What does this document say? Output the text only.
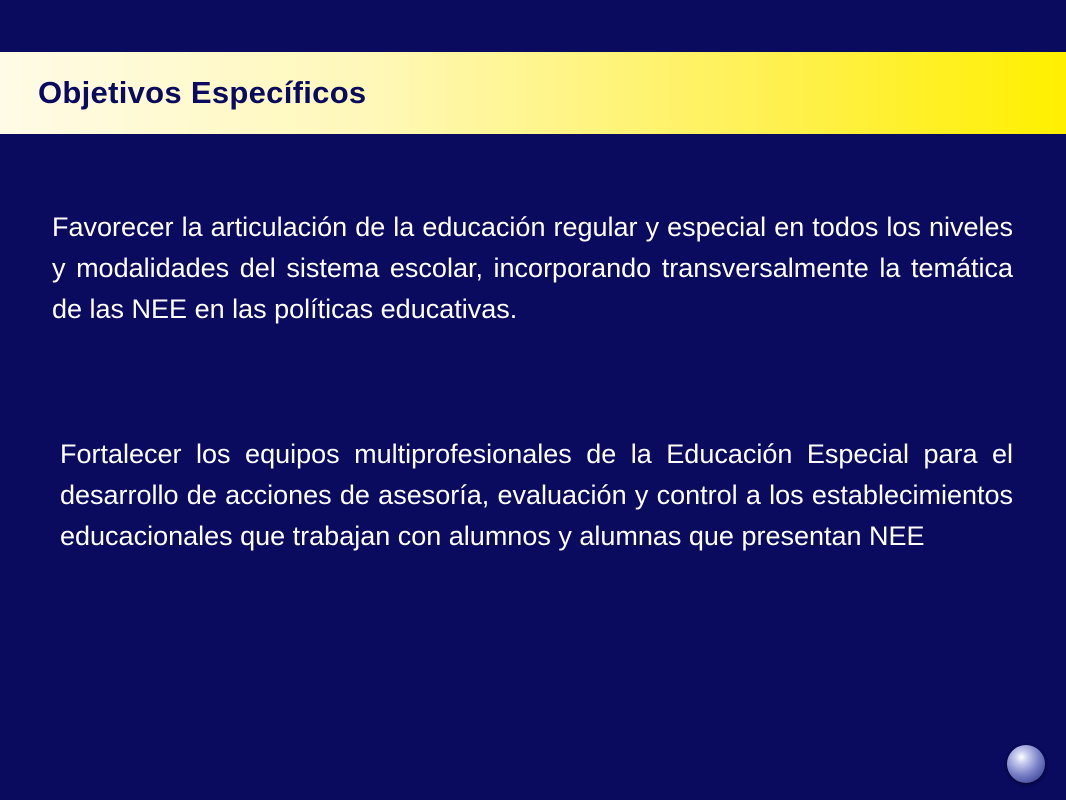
Objetivos Específicos

Favorecer la articulación de la educación regular y especial en todos los niveles y modalidades del sistema escolar, incorporando transversalmente la temática de las NEE en las políticas educativas.

Fortalecer los equipos multiprofesionales de la Educación Especial para el desarrollo de acciones de asesoría, evaluación y control a los establecimientos educacionales que trabajan con alumnos y alumnas que presentan NEE
